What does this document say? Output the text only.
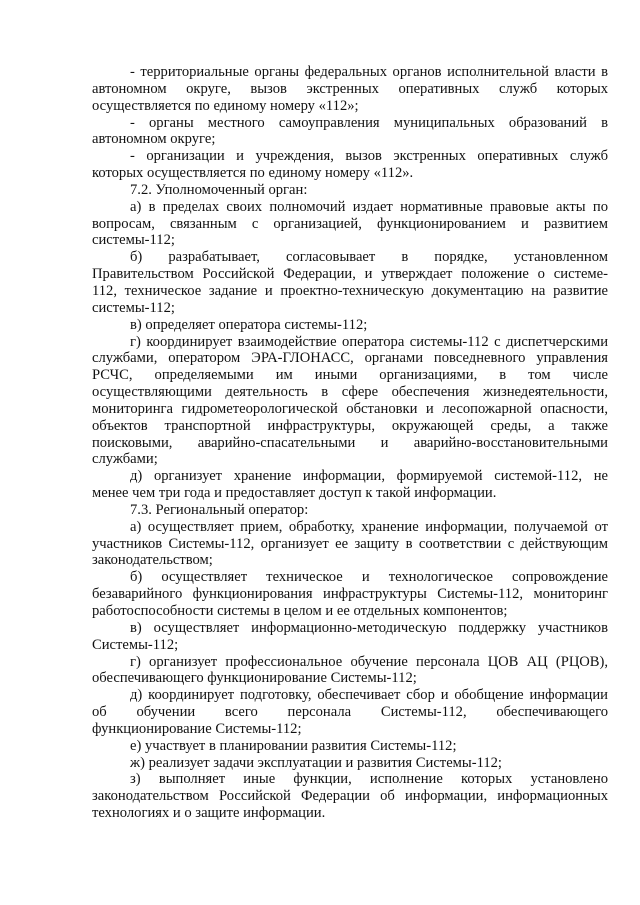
- территориальные органы федеральных органов исполнительной власти в
автономном округе, вызов экстренных оперативных служб которых
осуществляется по единому номеру «112»;

- органы местного самоуправления муниципальных образований в
автономном округе;

- организации и учреждения, вызов экстренных оперативных служб
которых осуществляется по единому номеру «112».

7.2. Уполномоченный орган:

а) в пределах своих полномочий издает нормативные правовые акты по
вопросам, связанным с организацией, функционированием и развитием
системы-112;

б) разрабатывает, согласовывает в порядке, установленном
Правительством Российской Федерации, и утверждает положение о системе-
112, техническое задание и проектно-техническую документацию на развитие
системы-112;

в) определяет оператора системы-112;

г) координирует взаимодействие оператора системы-112 с диспетчерскими
службами, оператором ЭРА-ГЛОНАСС, органами повседневного управления
РСЧС, определяемыми им иными организациями, в том числе
осуществляющими деятельность в сфере обеспечения жизнедеятельности,
мониторинга гидрометеорологической обстановки и лесопожарной опасности,
объектов транспортной инфраструктуры, окружающей среды, а также
поисковыми, аварийно-спасательными и аварийно-восстановительными
службами;

д) организует хранение информации, формируемой системой-112, не
менее чем три года и предоставляет доступ к такой информации.

7.3. Региональный оператор:

а) осуществляет прием, обработку, хранение информации, получаемой от
участников Системы-112, организует ее защиту в соответствии с действующим
законодательством;

б) осуществляет техническое и технологическое сопровождение
безаварийного функционирования инфраструктуры Системы-112, мониторинг
работоспособности системы в целом и ее отдельных компонентов;

в) осуществляет информационно-методическую поддержку участников
Системы-112;

г) организует профессиональное обучение персонала ЦОВ АЦ (РЦОВ),
обеспечивающего функционирование Системы-112;

д) координирует подготовку, обеспечивает сбор и обобщение информации
об обучении всего персонала Системы-112, обеспечивающего
функционирование Системы-112;

е) участвует в планировании развития Системы-112;

ж) реализует задачи эксплуатации и развития Системы-112;

з) выполняет иные функции, исполнение которых установлено
законодательством Российской Федерации об информации, информационных
технологиях и о защите информации.
